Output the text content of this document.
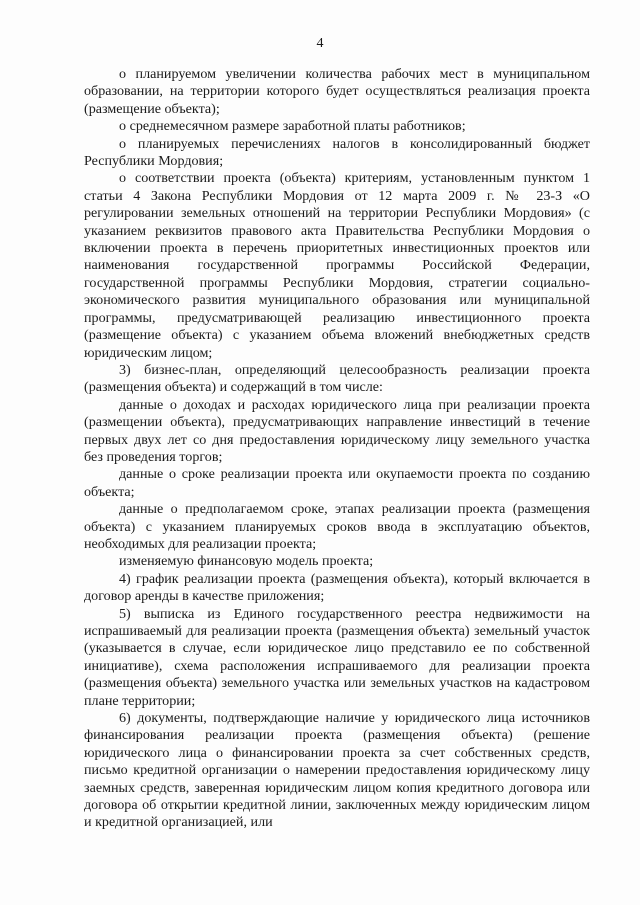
4

о планируемом увеличении количества рабочих мест в муниципальном образовании, на территории которого будет осуществляться реализация проекта (размещение объекта);

о среднемесячном размере заработной платы работников;

о планируемых перечислениях налогов в консолидированный бюджет Республики Мордовия;

о соответствии проекта (объекта) критериям, установленным пунктом 1 статьи 4 Закона Республики Мордовия от 12 марта 2009 г. № 23-З «О регулировании земельных отношений на территории Республики Мордовия» (с указанием реквизитов правового акта Правительства Республики Мордовия о включении проекта в перечень приоритетных инвестиционных проектов или наименования государственной программы Российской Федерации, государственной программы Республики Мордовия, стратегии социально-экономического развития муниципального образования или муниципальной программы, предусматривающей реализацию инвестиционного проекта (размещение объекта) с указанием объема вложений внебюджетных средств юридическим лицом;

3) бизнес-план, определяющий целесообразность реализации проекта (размещения объекта) и содержащий в том числе:

данные о доходах и расходах юридического лица при реализации проекта (размещении объекта), предусматривающих направление инвестиций в течение первых двух лет со дня предоставления юридическому лицу земельного участка без проведения торгов;

данные о сроке реализации проекта или окупаемости проекта по созданию объекта;

данные о предполагаемом сроке, этапах реализации проекта (размещения объекта) с указанием планируемых сроков ввода в эксплуатацию объектов, необходимых для реализации проекта;

изменяемую финансовую модель проекта;

4) график реализации проекта (размещения объекта), который включается в договор аренды в качестве приложения;

5) выписка из Единого государственного реестра недвижимости на испрашиваемый для реализации проекта (размещения объекта) земельный участок (указывается в случае, если юридическое лицо представило ее по собственной инициативе), схема расположения испрашиваемого для реализации проекта (размещения объекта) земельного участка или земельных участков на кадастровом плане территории;

6) документы, подтверждающие наличие у юридического лица источников финансирования реализации проекта (размещения объекта) (решение юридического лица о финансировании проекта за счет собственных средств, письмо кредитной организации о намерении предоставления юридическому лицу заемных средств, заверенная юридическим лицом копия кредитного договора или договора об открытии кредитной линии, заключенных между юридическим лицом и кредитной организацией, или
